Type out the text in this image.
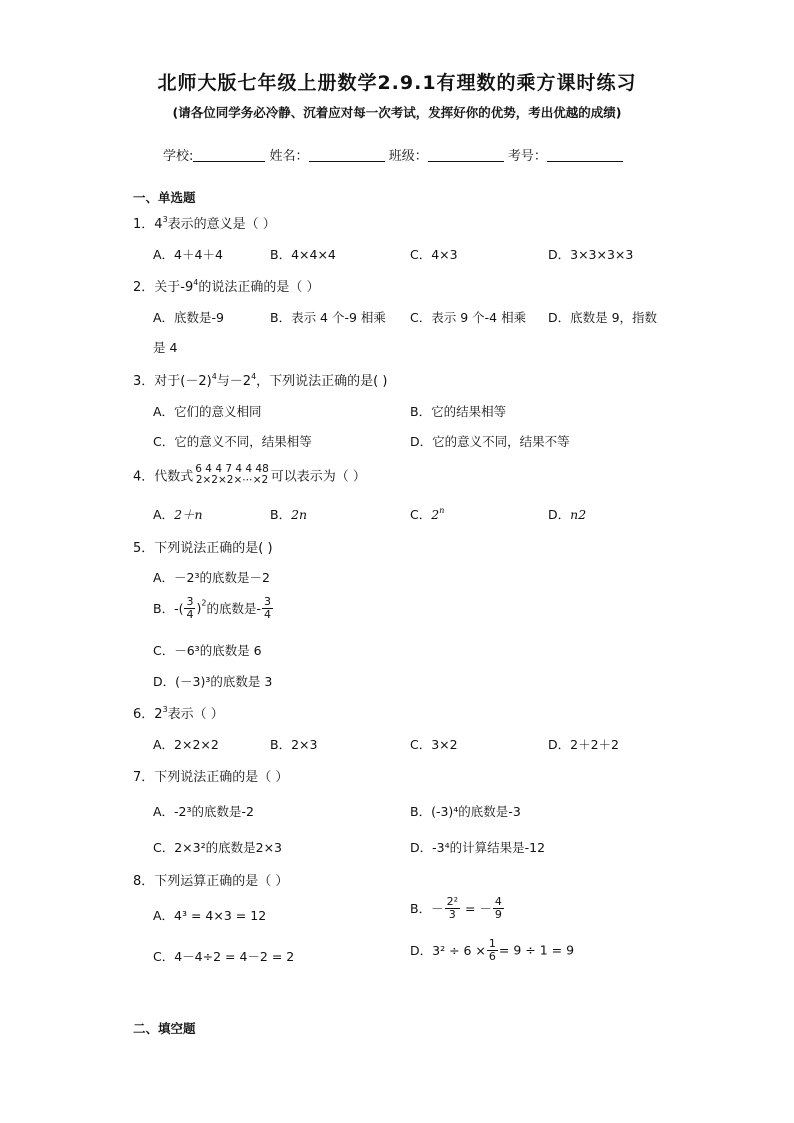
北师大版七年级上册数学2.9.1有理数的乘方课时练习
(请各位同学务必冷静、沉着应对每一次考试，发挥好你的优势，考出优越的成绩)
学校:	姓名：	班级：	考号：
一、单选题
1．$4^3$表示的意义是（ ）
A．4＋4＋4	B．4×4×4	C．4×3	D．3×3×3×3
2．关于$-9^4$的说法正确的是（ ）
A．底数是-9	B．表示 4 个-9 相乘 C．表示 9 个-4 相乘 D．底数是 9，指数
是 4
3．对于$(-2)^4$与$-2^4$，下列说法正确的是( )
A．它们的意义相同	B．它的结果相等
C．它的意义不同，结果相等	D．它的意义不同，结果不等
4．代数式
6 4 4 7 4 4 48
2×2×2×⋯×2 可以表示为（ ）
A．2＋n	B．2n	C．2$^n$	D．n2
5．下列说法正确的是( )
A．－2³的底数是－2
B．-( $\frac{3}{4} )^2$的底数是- $\frac{3}{4}$
C．－6³的底数是 6
D．(－3)³的底数是 3
6．$2^3$表示（ ）
A．2×2×2	B．2×3	C．3×2	D．2＋2＋2
7．下列说法正确的是（ ）
A．-2³的底数是-2	B．(-3)⁴的底数是-3
C．2×3²的底数是2×3	D．-3⁴的计算结果是-12
8．下列运算正确的是（ ）
A．4³ = 4×3 = 12	B．－ $\frac{\text{2²}}{3}$ = － $\frac{4}{9}$
C．4－4÷2 = 4－2 = 2	D．$3^2 \div 6 \times \frac{1}{6} = 9 \div 1 = 9$
二、填空题
